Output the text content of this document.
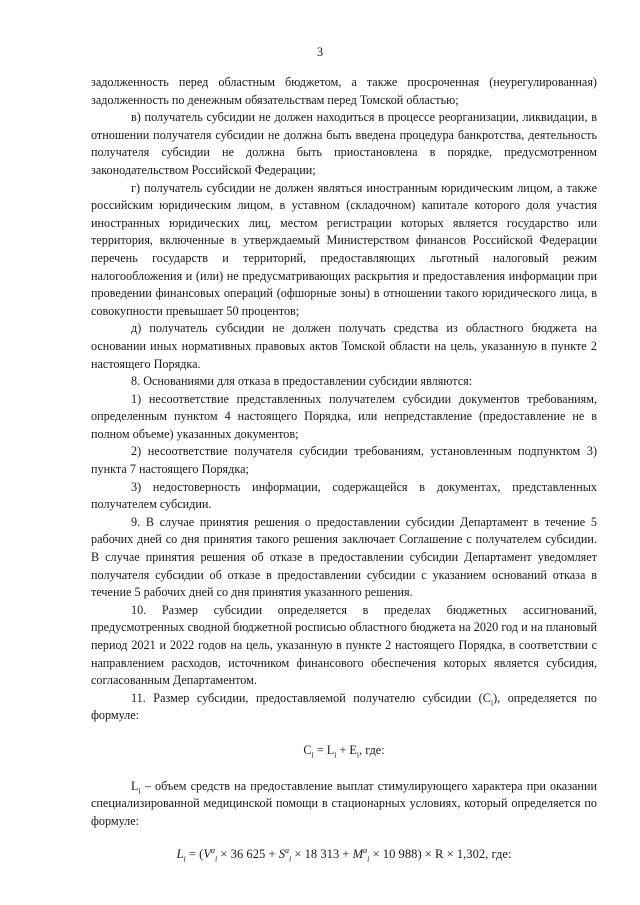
3

задолженность перед областным бюджетом, а также просроченная (неурегулированная) задолженность по денежным обязательствам перед Томской областью;

в) получатель субсидии не должен находиться в процессе реорганизации, ликвидации, в отношении получателя субсидии не должна быть введена процедура банкротства, деятельность получателя субсидии не должна быть приостановлена в порядке, предусмотренном законодательством Российской Федерации;

г) получатель субсидии не должен являться иностранным юридическим лицом, а также российским юридическим лицом, в уставном (складочном) капитале которого доля участия иностранных юридических лиц, местом регистрации которых является государство или территория, включенные в утверждаемый Министерством финансов Российской Федерации перечень государств и территорий, предоставляющих льготный налоговый режим налогообложения и (или) не предусматривающих раскрытия и предоставления информации при проведении финансовых операций (офшорные зоны) в отношении такого юридического лица, в совокупности превышает 50 процентов;

д) получатель субсидии не должен получать средства из областного бюджета на основании иных нормативных правовых актов Томской области на цель, указанную в пункте 2 настоящего Порядка.

8. Основаниями для отказа в предоставлении субсидии являются:

1) несоответствие представленных получателем субсидии документов требованиям, определенным пунктом 4 настоящего Порядка, или непредставление (предоставление не в полном объеме) указанных документов;

2) несоответствие получателя субсидии требованиям, установленным подпунктом 3) пункта 7 настоящего Порядка;

3) недостоверность информации, содержащейся в документах, представленных получателем субсидии.

9. В случае принятия решения о предоставлении субсидии Департамент в течение 5 рабочих дней со дня принятия такого решения заключает Соглашение с получателем субсидии. В случае принятия решения об отказе в предоставлении субсидии Департамент уведомляет получателя субсидии об отказе в предоставлении субсидии с указанием оснований отказа в течение 5 рабочих дней со дня принятия указанного решения.

10. Размер субсидии определяется в пределах бюджетных ассигнований, предусмотренных сводной бюджетной росписью областного бюджета на 2020 год и на плановый период 2021 и 2022 годов на цель, указанную в пункте 2 настоящего Порядка, в соответствии с направлением расходов, источником финансового обеспечения которых является субсидия, согласованным Департаментом.

11. Размер субсидии, предоставляемой получателю субсидии $(C_i)$, определяется по формуле:

$C_i = L_i + E_i$, где:

$L_i$ – объем средств на предоставление выплат стимулирующего характера при оказании специализированной медицинской помощи в стационарных условиях, который определяется по формуле:

$L_i = (V^a_i \times 36$ $625 + S^a_i \times 18$ $313 + M^a_i \times 10$ 988) × R × 1,302, где:
